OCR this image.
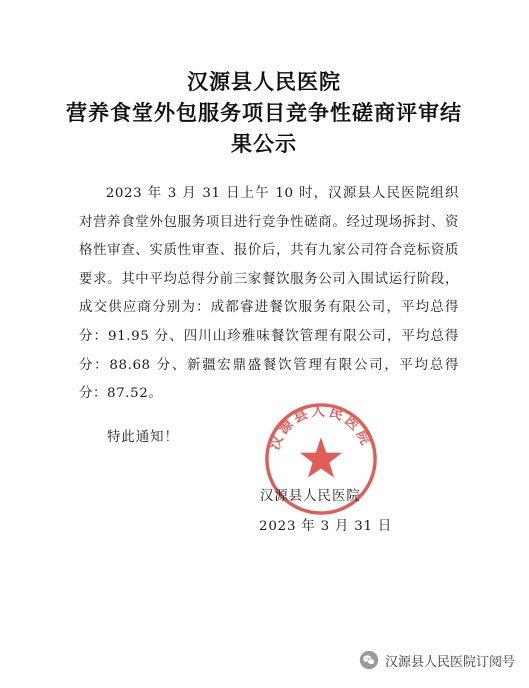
汉源县人民医院
营养食堂外包服务项目竞争性磋商评审结
果公示

2023 年 3 月 31 日上午 10 时，汉源县人民医院组织对营养食堂外包服务项目进行竞争性磋商。经过现场拆封、资格性审查、实质性审查、报价后，共有九家公司符合竞标资质要求。其中平均总得分前三家餐饮服务公司入围试运行阶段，成交供应商分别为：成都睿进餐饮服务有限公司，平均总得分：91.95 分、四川山珍雅味餐饮管理有限公司，平均总得分：88.68 分、新疆宏鼎盛餐饮管理有限公司，平均总得分：87.52。

特此通知！	汉源县人民医院
汉源县人民医院
2023 年 3 月 31 日
汉源县人民医院订阅号
